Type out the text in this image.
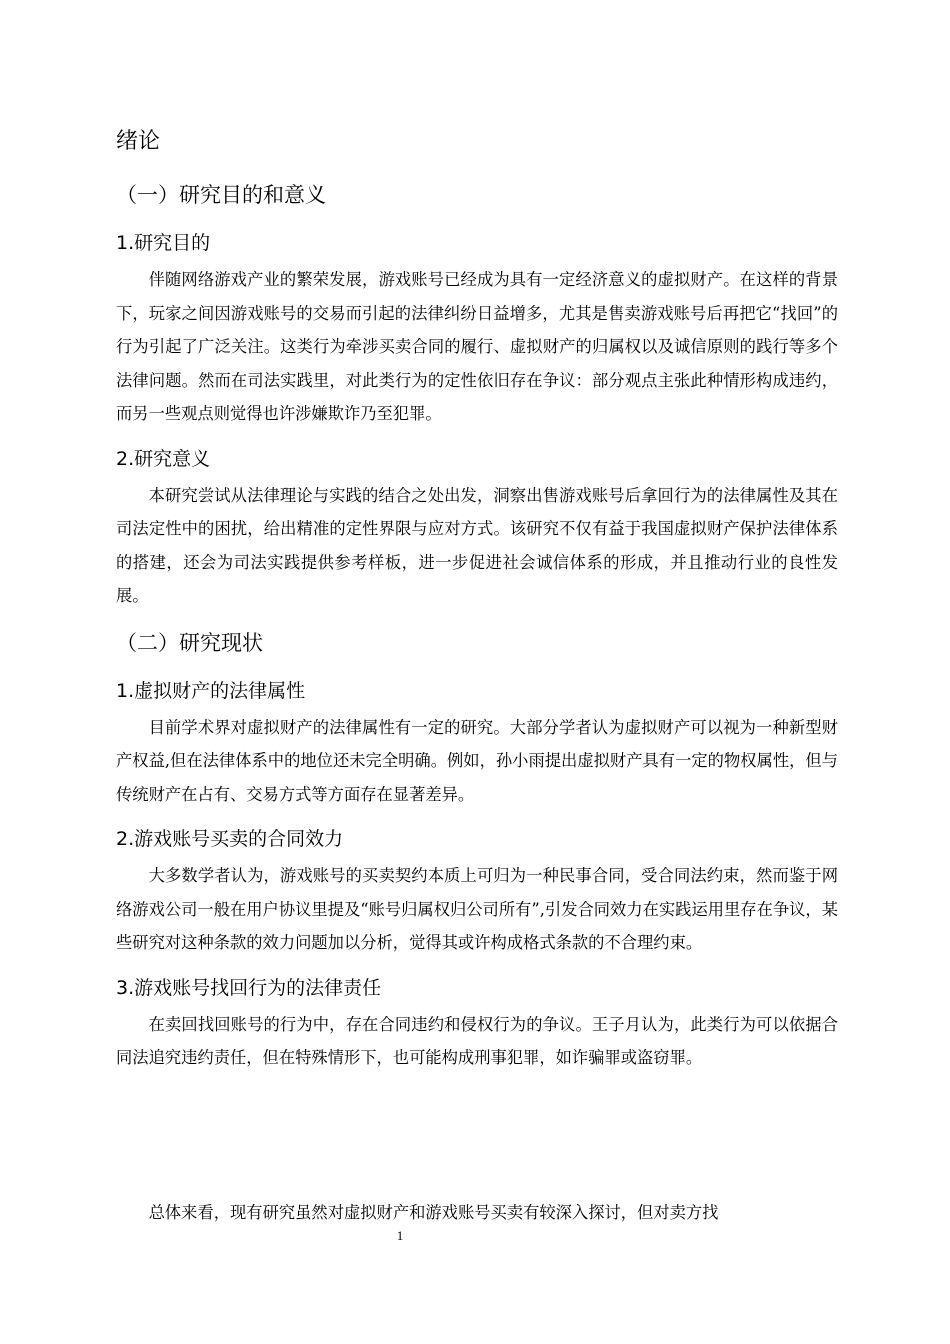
绪论
（一）研究目的和意义
1.研究目的

伴随网络游戏产业的繁荣发展，游戏账号已经成为具有一定经济意义的虚拟财产。在这样的背景下，玩家之间因游戏账号的交易而引起的法律纠纷日益增多，尤其是售卖游戏账号后再把它“找回”的行为引起了广泛关注。这类行为牵涉买卖合同的履行、虚拟财产的归属权以及诚信原则的践行等多个法律问题。然而在司法实践里，对此类行为的定性依旧存在争议：部分观点主张此种情形构成违约，而另一些观点则觉得也许涉嫌欺诈乃至犯罪。

2.研究意义

本研究尝试从法律理论与实践的结合之处出发，洞察出售游戏账号后拿回行为的法律属性及其在司法定性中的困扰，给出精准的定性界限与应对方式。该研究不仅有益于我国虚拟财产保护法律体系的搭建，还会为司法实践提供参考样板，进一步促进社会诚信体系的形成，并且推动行业的良性发展。

（二）研究现状
1.虚拟财产的法律属性

目前学术界对虚拟财产的法律属性有一定的研究。大部分学者认为虚拟财产可以视为一种新型财产权益,但在法律体系中的地位还未完全明确。例如，孙小雨提出虚拟财产具有一定的物权属性，但与传统财产在占有、交易方式等方面存在显著差异。

2.游戏账号买卖的合同效力

大多数学者认为，游戏账号的买卖契约本质上可归为一种民事合同，受合同法约束，然而鉴于网络游戏公司一般在用户协议里提及“账号归属权归公司所有”,引发合同效力在实践运用里存在争议，某些研究对这种条款的效力问题加以分析，觉得其或许构成格式条款的不合理约束。

3.游戏账号找回行为的法律责任

在卖回找回账号的行为中，存在合同违约和侵权行为的争议。王子月认为，此类行为可以依据合同法追究违约责任，但在特殊情形下，也可能构成刑事犯罪，如诈骗罪或盗窃罪。

总体来看，现有研究虽然对虚拟财产和游戏账号买卖有较深入探讨，但对卖方找

1
